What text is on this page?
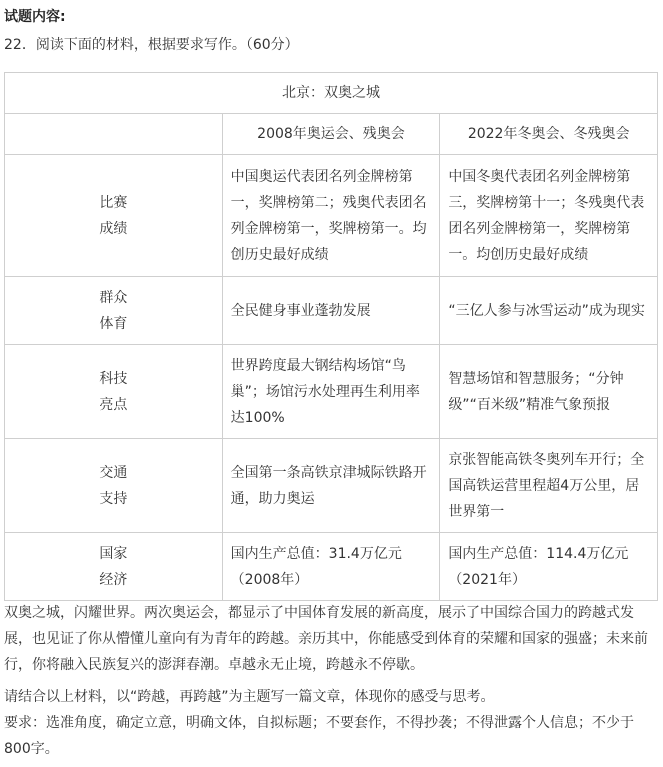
试题内容:
22．阅读下面的材料，根据要求写作。（60分）
北京：双奥之城		
	2008年奥运会、残奥会	2022年冬奥会、冬残奥会

比赛
成绩	中国奥运代表团名列金牌榜第一，奖牌榜第二；残奥代表团名列金牌榜第一，奖牌榜第一。均创历史最好成绩	中国冬奥代表团名列金牌榜第三，奖牌榜第十一；冬残奥代表团名列金牌榜第一，奖牌榜第一。均创历史最好成绩

群众
体育	全民健身事业蓬勃发展	“三亿人参与冰雪运动”成为现实

科技
亮点	世界跨度最大钢结构场馆“鸟巢”；场馆污水处理再生利用率达100%	智慧场馆和智慧服务；“分钟级”“百米级”精准气象预报

交通
支持	全国第一条高铁京津城际铁路开通，助力奥运	京张智能高铁冬奥列车开行；全国高铁运营里程超4万公里，居世界第一

国家
经济	国内生产总值：31.4万亿元（2008年）	国内生产总值：114.4万亿元（2021年）
双奥之城，闪耀世界。两次奥运会，都显示了中国体育发展的新高度，展示了中国综合国力的跨越式发展，也见证了你从懵懂儿童向有为青年的跨越。亲历其中，你能感受到体育的荣耀和国家的强盛；未来前行，你将融入民族复兴的澎湃春潮。卓越永无止境，跨越永不停歇。
请结合以上材料，以“跨越，再跨越”为主题写一篇文章，体现你的感受与思考。
要求：选准角度，确定立意，明确文体，自拟标题；不要套作，不得抄袭；不得泄露个人信息；不少于800字。
